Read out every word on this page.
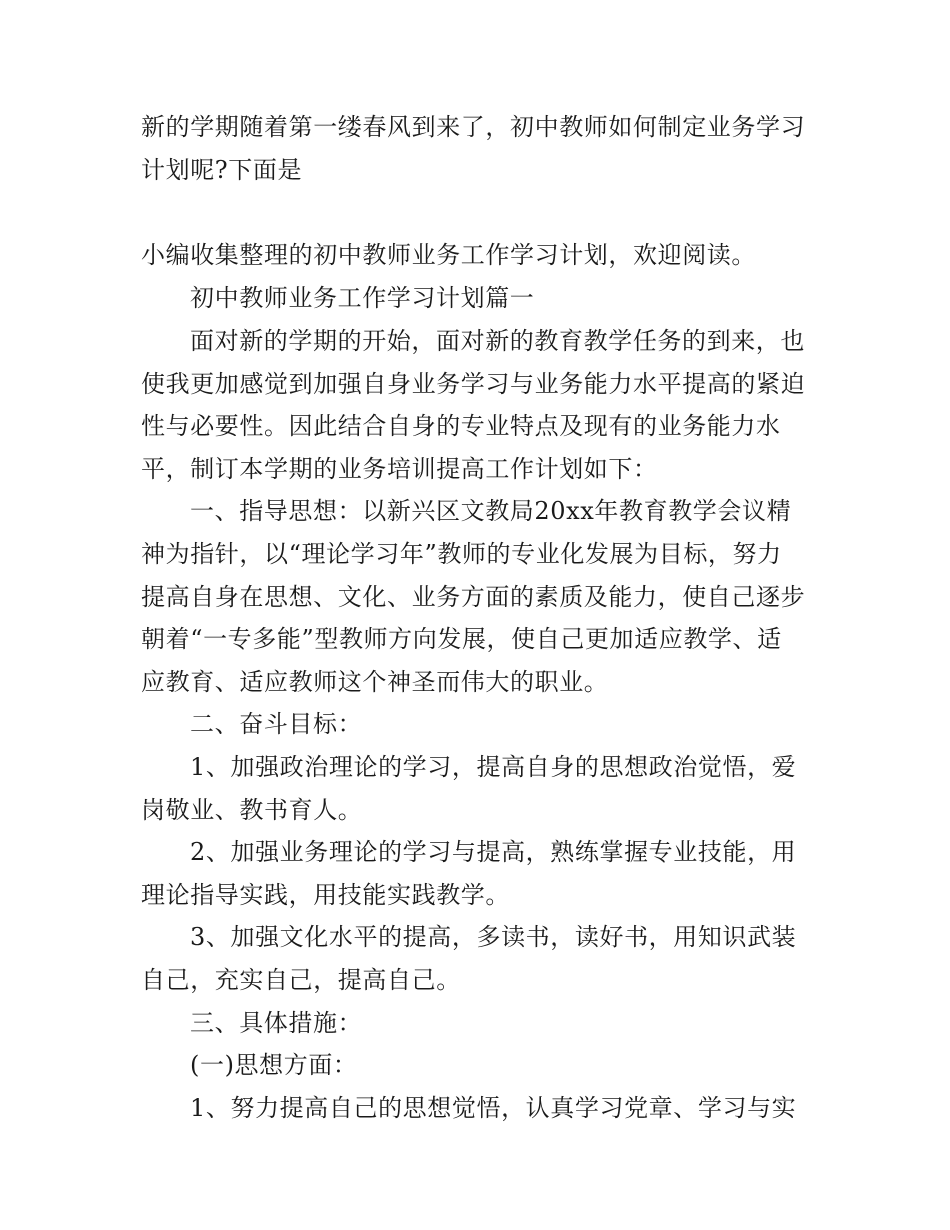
新的学期随着第一缕春风到来了，初中教师如何制定业务学习
计划呢?下面是
小编收集整理的初中教师业务工作学习计划，欢迎阅读。
初中教师业务工作学习计划篇一
面对新的学期的开始，面对新的教育教学任务的到来，也
使我更加感觉到加强自身业务学习与业务能力水平提高的紧迫
性与必要性。因此结合自身的专业特点及现有的业务能力水
平，制订本学期的业务培训提高工作计划如下：
一、指导思想：以新兴区文教局20xx年教育教学会议精
神为指针，以“理论学习年”教师的专业化发展为目标，努力
提高自身在思想、文化、业务方面的素质及能力，使自己逐步
朝着“一专多能”型教师方向发展，使自己更加适应教学、适
应教育、适应教师这个神圣而伟大的职业。
二、奋斗目标：
1、加强政治理论的学习，提高自身的思想政治觉悟，爱
岗敬业、教书育人。
2、加强业务理论的学习与提高，熟练掌握专业技能，用
理论指导实践，用技能实践教学。
3、加强文化水平的提高，多读书，读好书，用知识武装
自己，充实自己，提高自己。
三、具体措施：
(一)思想方面：
1、努力提高自己的思想觉悟，认真学习党章、学习与实
